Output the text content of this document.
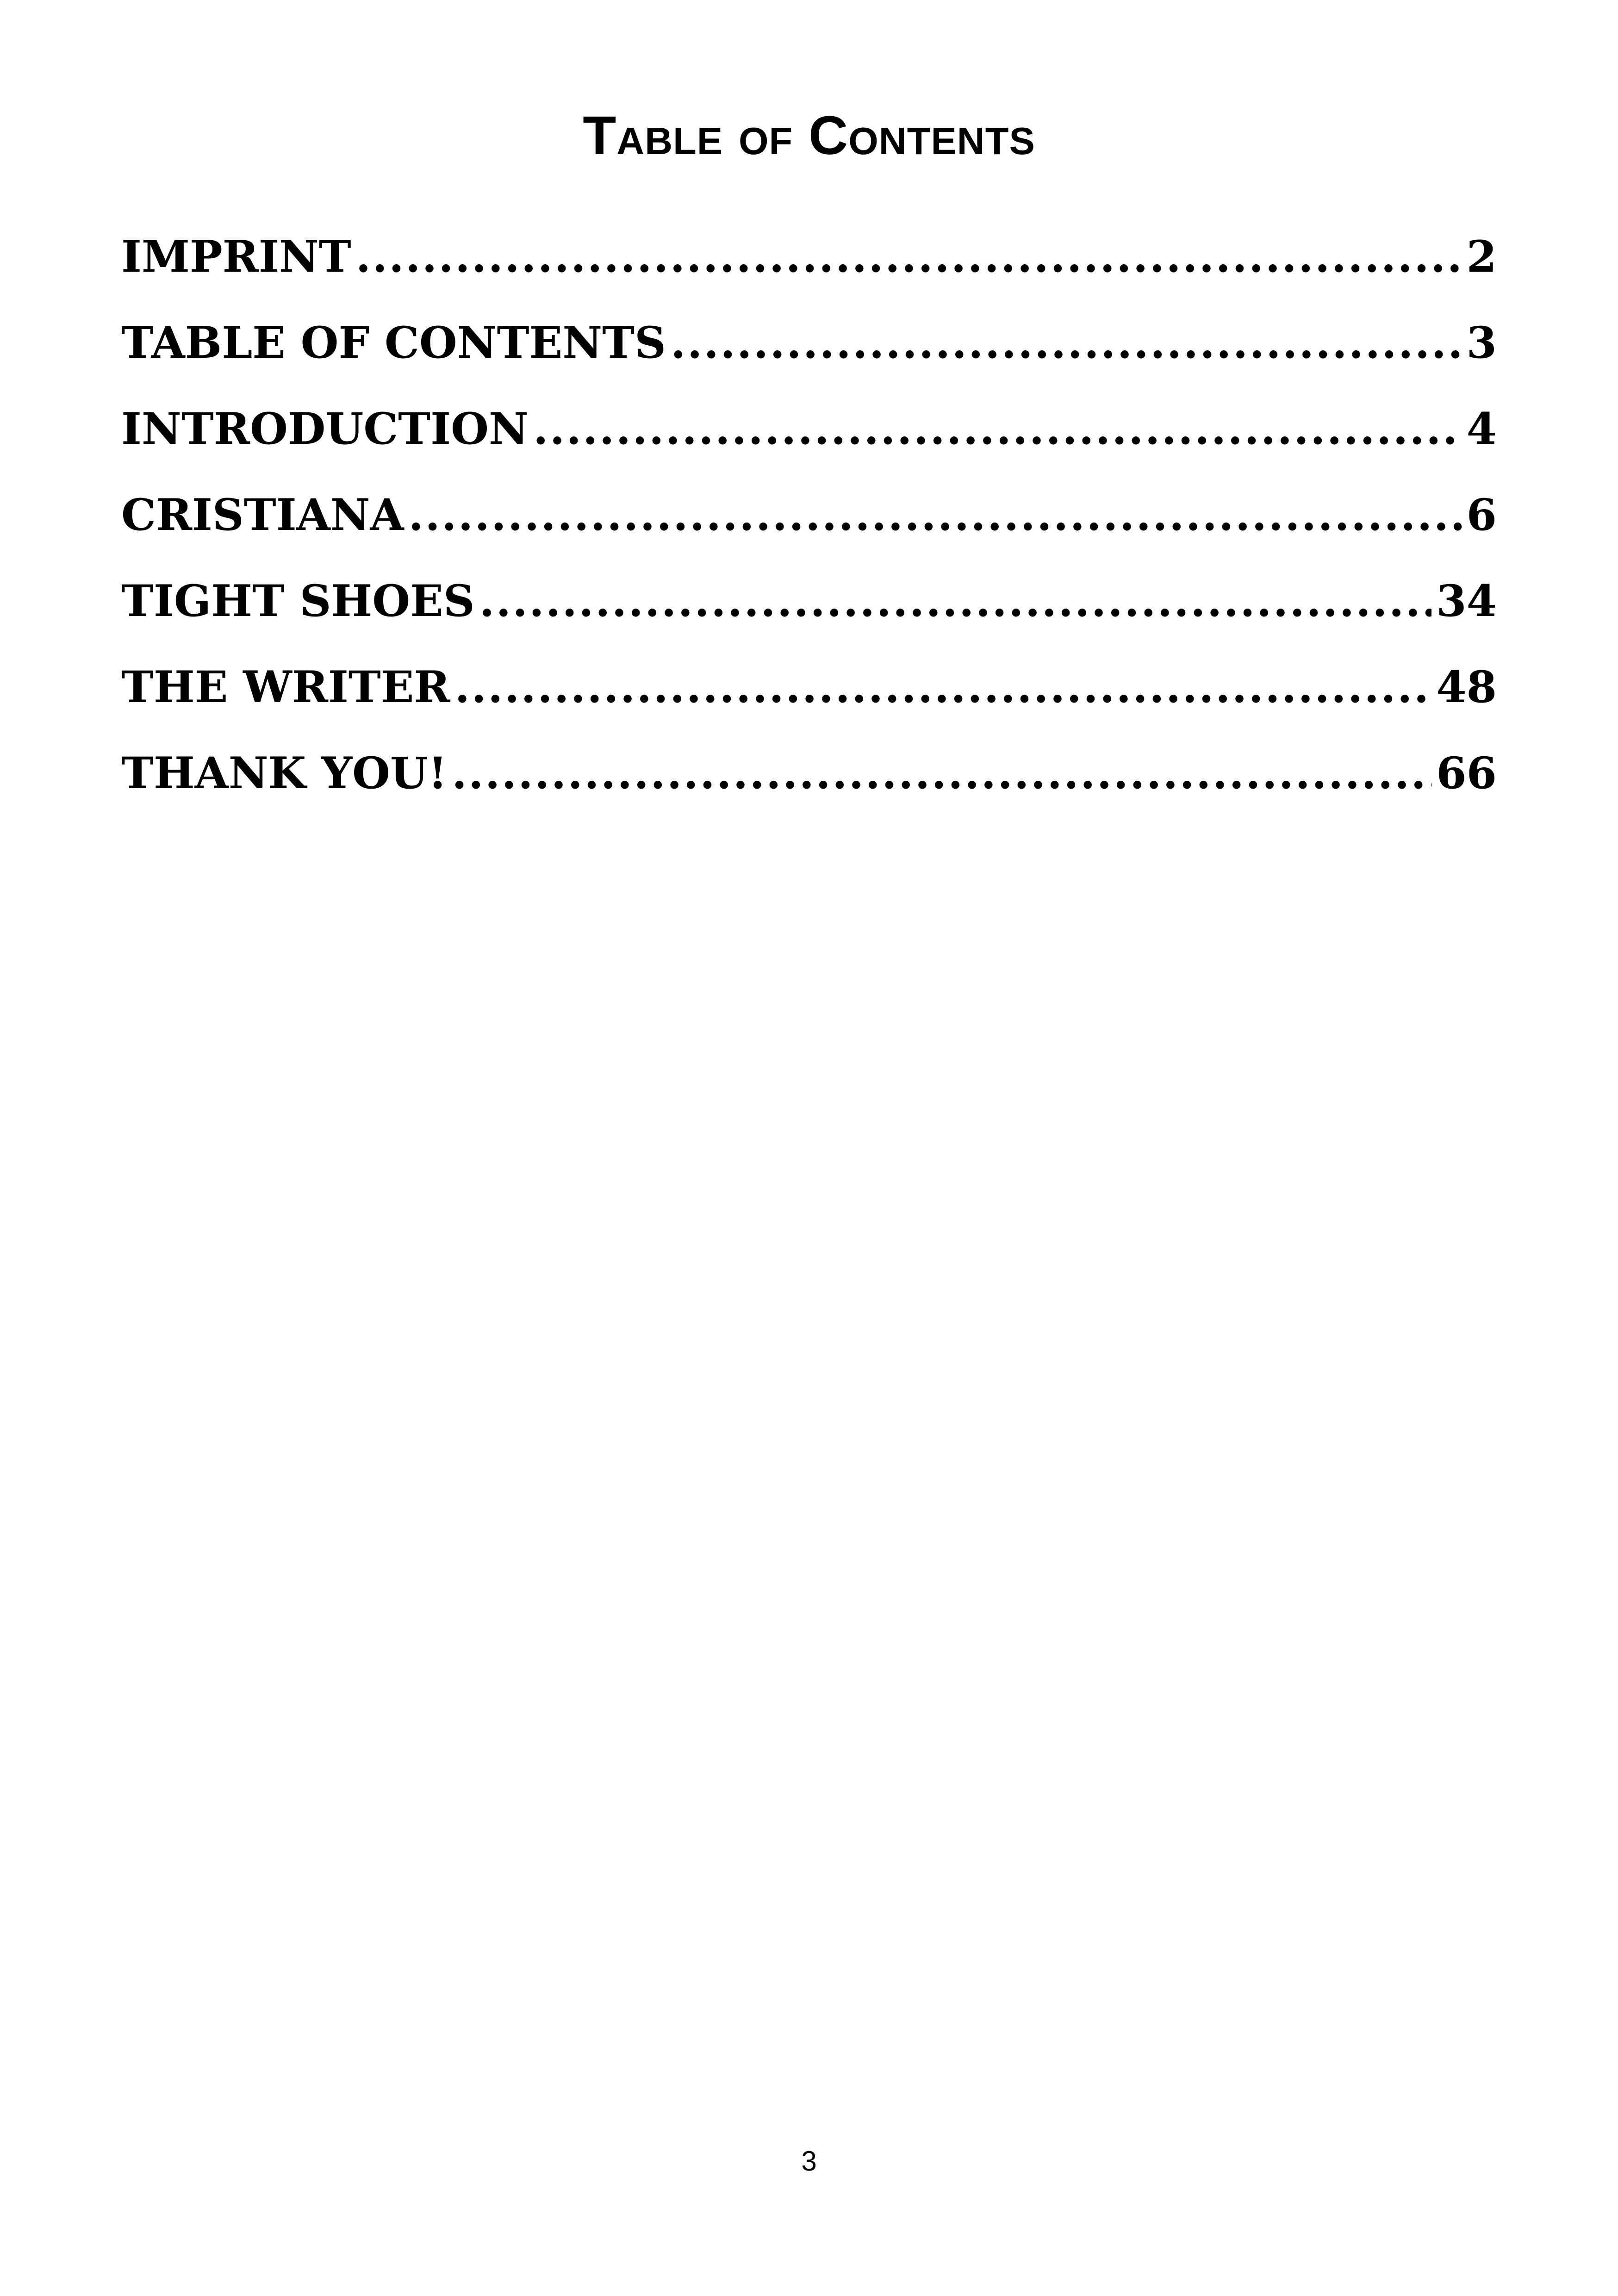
Table of Contents
IMPRINT .....	2
TABLE OF CONTENTS .....	3
INTRODUCTION .....	4
CRISTIANA .....	6
TIGHT SHOES .....	34
THE WRITER .....	48
THANK YOU! .....	66
3
